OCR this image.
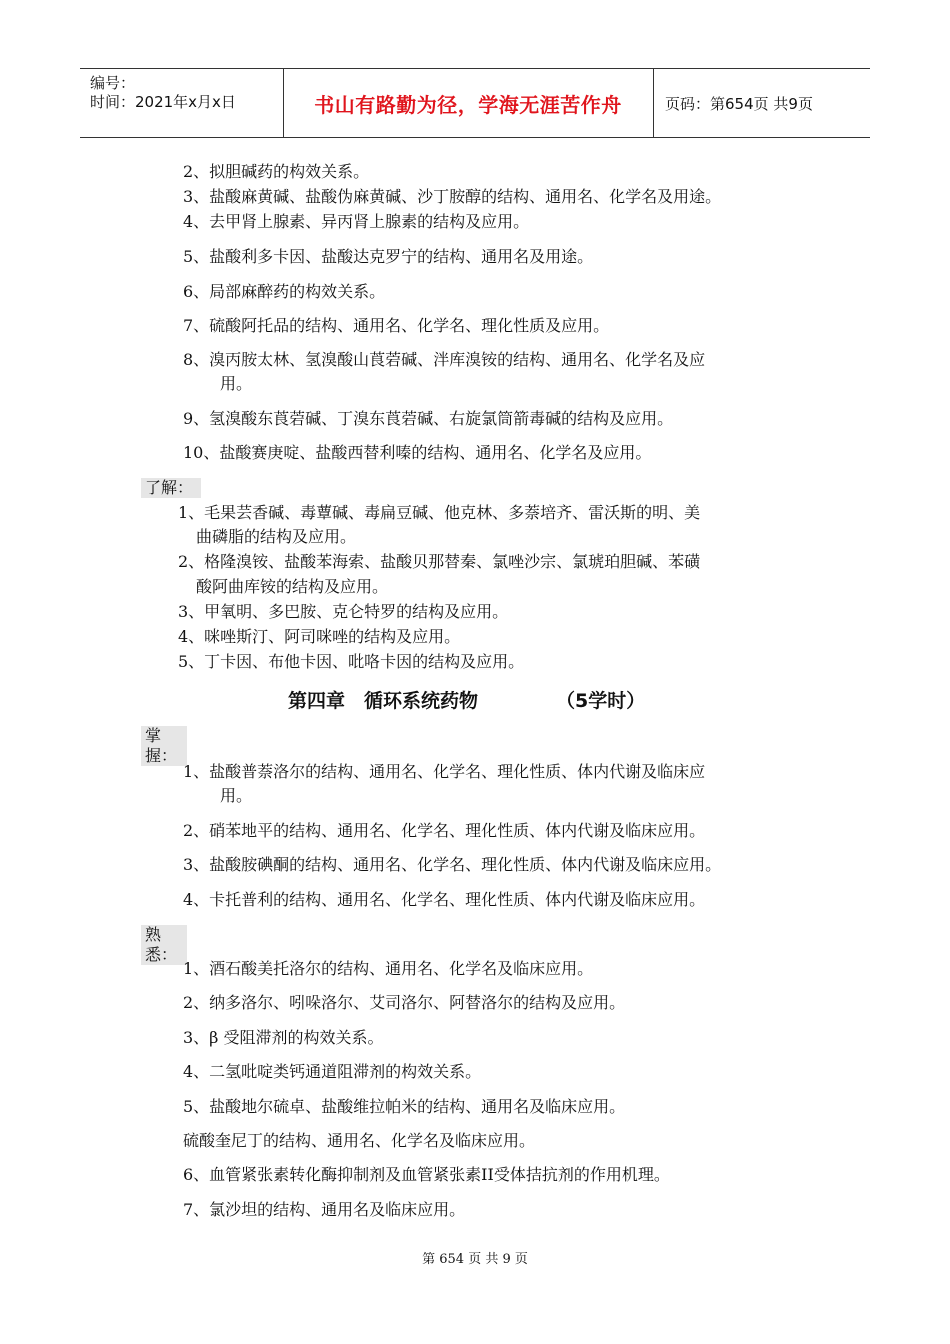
编号：
时间：2021年x月x日	书山有路勤为径，学海无涯苦作舟	页码：第654页 共9页
2、拟胆碱药的构效关系。
3、盐酸麻黄碱、盐酸伪麻黄碱、沙丁胺醇的结构、通用名、化学名及用途。
4、去甲肾上腺素、异丙肾上腺素的结构及应用。
5、盐酸利多卡因、盐酸达克罗宁的结构、通用名及用途。
6、局部麻醉药的构效关系。
7、硫酸阿托品的结构、通用名、化学名、理化性质及应用。
8、溴丙胺太林、氢溴酸山莨菪碱、泮库溴铵的结构、通用名、化学名及应
用。
9、氢溴酸东莨菪碱、丁溴东莨菪碱、右旋氯筒箭毒碱的结构及应用。
10、盐酸赛庚啶、盐酸西替利嗪的结构、通用名、化学名及应用。
了解：
1、毛果芸香碱、毒蕈碱、毒扁豆碱、他克林、多萘培齐、雷沃斯的明、美
曲磷脂的结构及应用。
2、格隆溴铵、盐酸苯海索、盐酸贝那替秦、氯唑沙宗、氯琥珀胆碱、苯磺
酸阿曲库铵的结构及应用。
3、甲氧明、多巴胺、克仑特罗的结构及应用。
4、咪唑斯汀、阿司咪唑的结构及应用。
5、丁卡因、布他卡因、吡咯卡因的结构及应用。
第四章　循环系统药物	（5学时）
掌握：
1、盐酸普萘洛尔的结构、通用名、化学名、理化性质、体内代谢及临床应
用。
2、硝苯地平的结构、通用名、化学名、理化性质、体内代谢及临床应用。
3、盐酸胺碘酮的结构、通用名、化学名、理化性质、体内代谢及临床应用。
4、卡托普利的结构、通用名、化学名、理化性质、体内代谢及临床应用。
熟悉：
1、酒石酸美托洛尔的结构、通用名、化学名及临床应用。
2、纳多洛尔、吲哚洛尔、艾司洛尔、阿替洛尔的结构及应用。
3、β 受阻滞剂的构效关系。
4、二氢吡啶类钙通道阻滞剂的构效关系。
5、盐酸地尔硫卓、盐酸维拉帕米的结构、通用名及临床应用。
硫酸奎尼丁的结构、通用名、化学名及临床应用。
6、血管紧张素转化酶抑制剂及血管紧张素II受体拮抗剂的作用机理。
7、氯沙坦的结构、通用名及临床应用。
第 654 页 共 9 页
